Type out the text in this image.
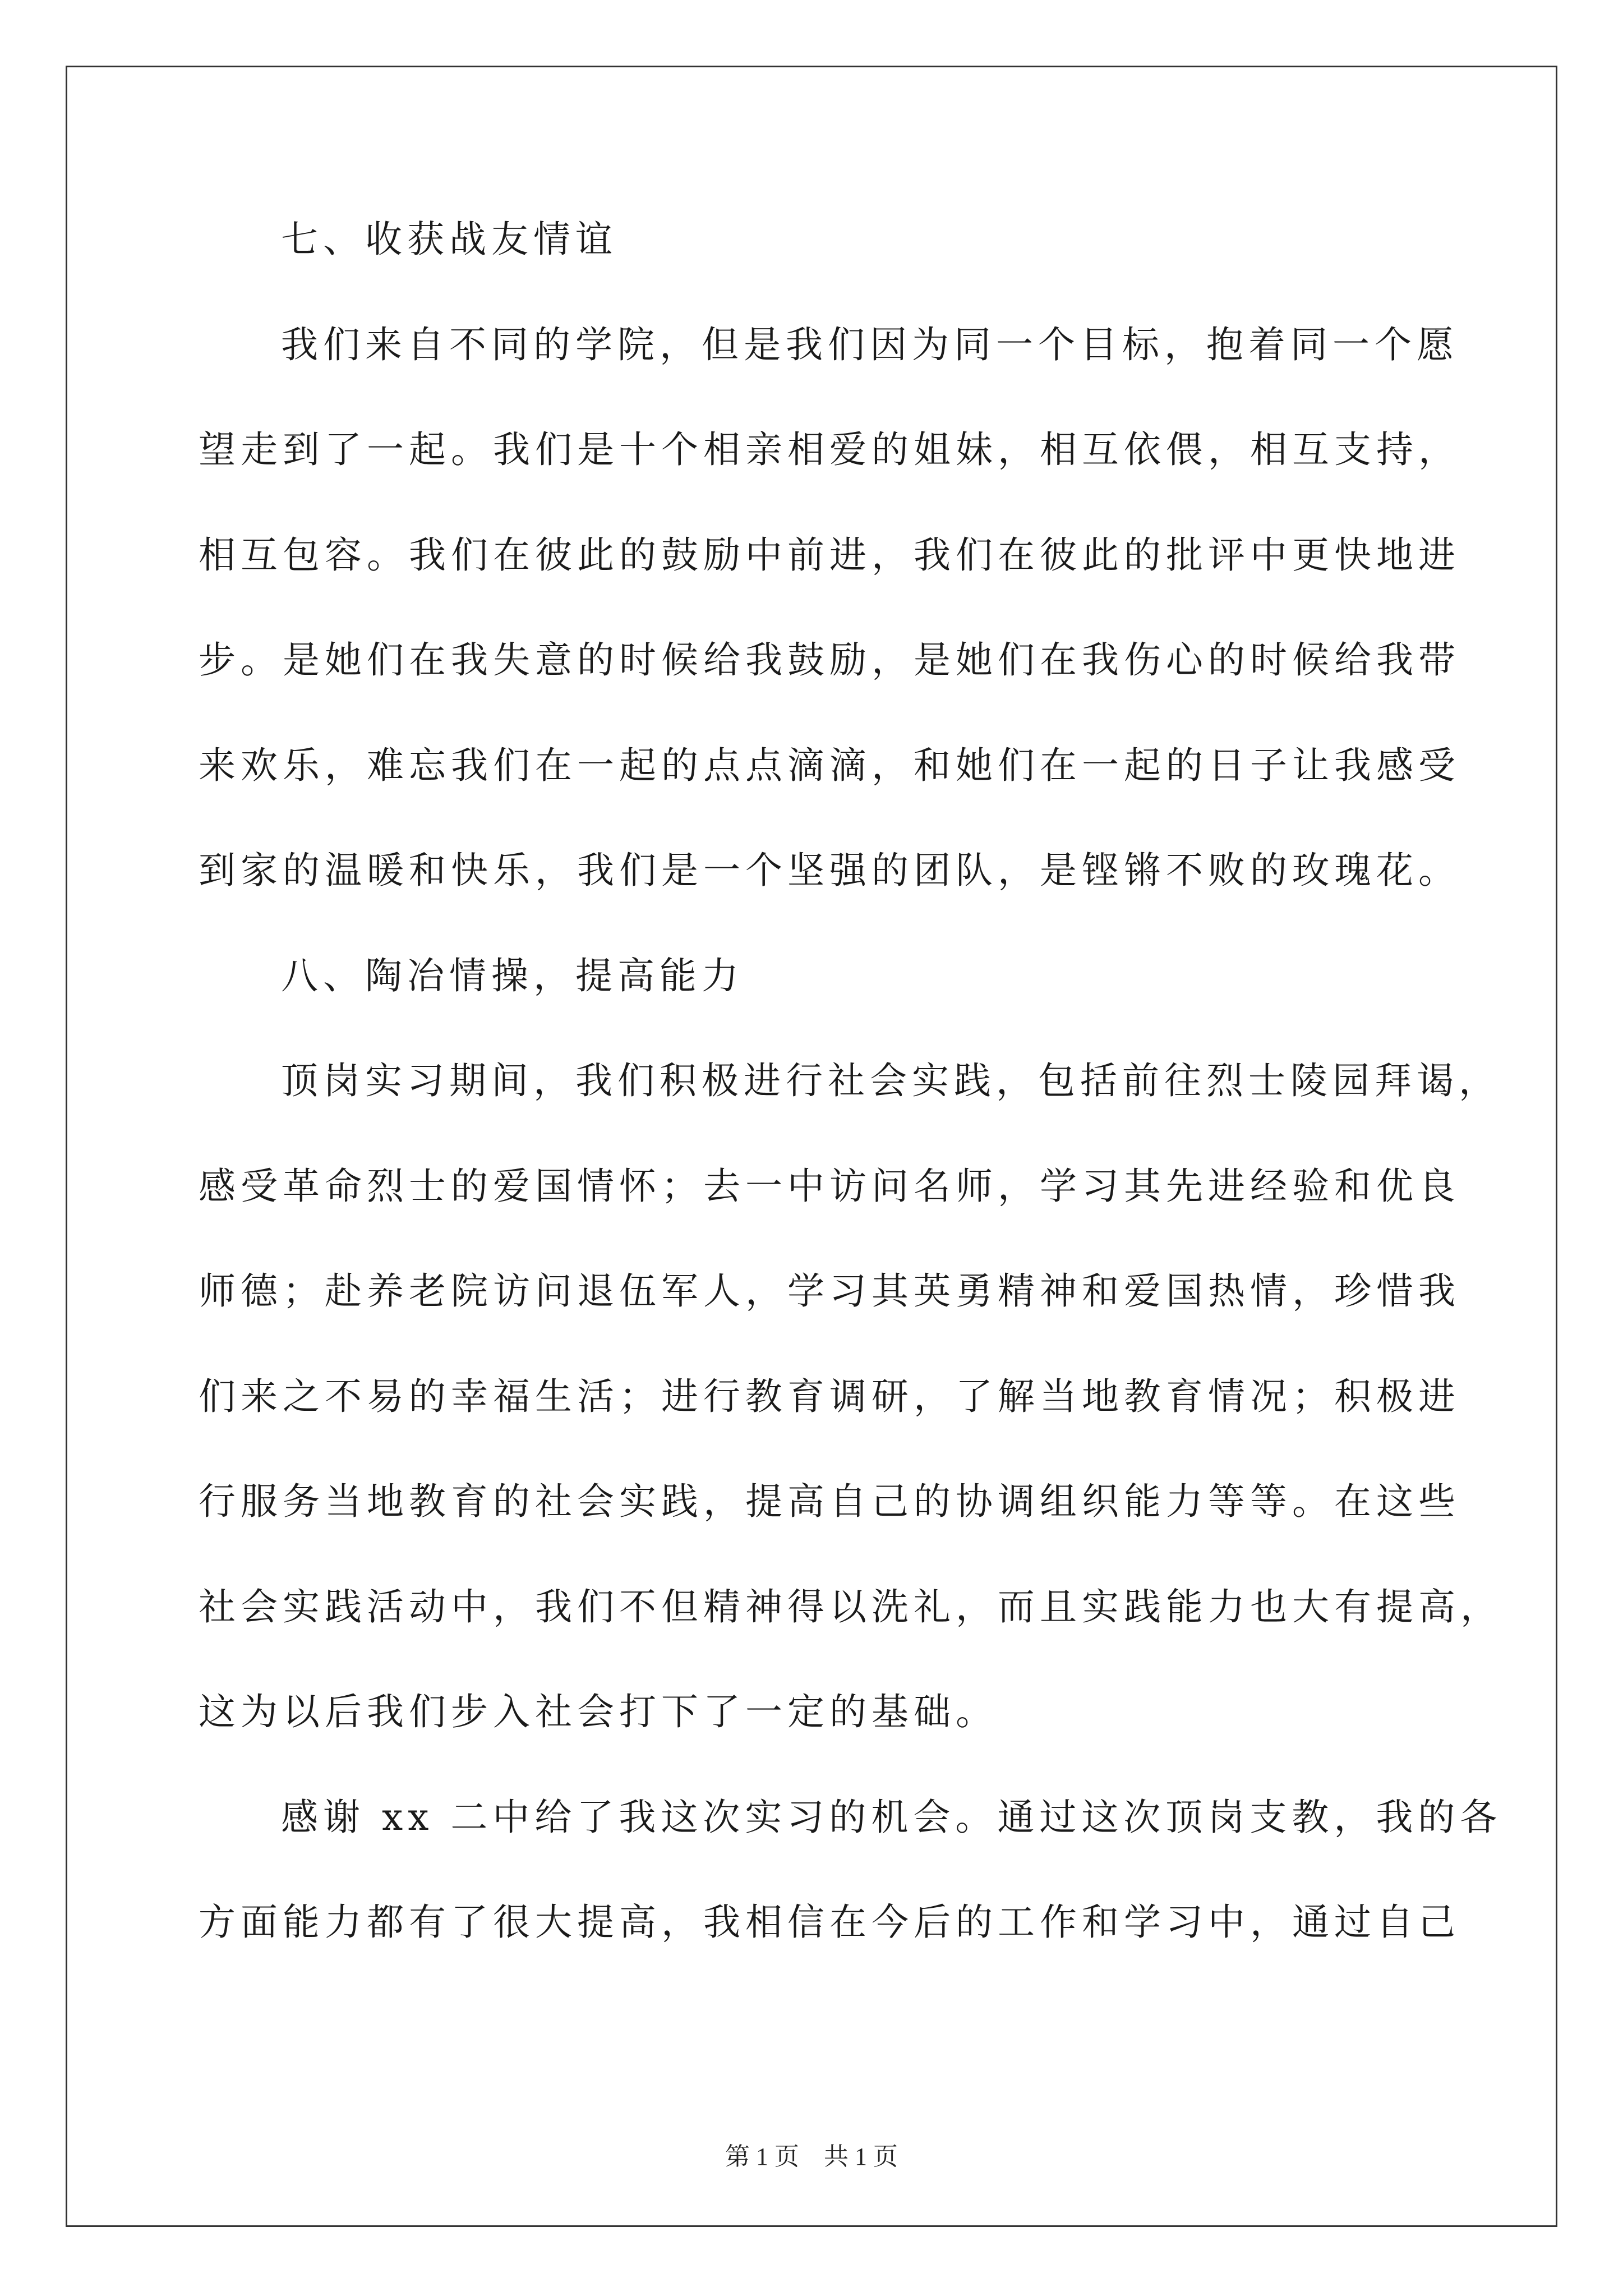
七、收获战友情谊
我们来自不同的学院，但是我们因为同一个目标，抱着同一个愿
望走到了一起。我们是十个相亲相爱的姐妹，相互依偎，相互支持，
相互包容。我们在彼此的鼓励中前进，我们在彼此的批评中更快地进
步。是她们在我失意的时候给我鼓励，是她们在我伤心的时候给我带
来欢乐，难忘我们在一起的点点滴滴，和她们在一起的日子让我感受
到家的温暖和快乐，我们是一个坚强的团队，是铿锵不败的玫瑰花。
八、陶冶情操，提高能力
顶岗实习期间，我们积极进行社会实践，包括前往烈士陵园拜谒，
感受革命烈士的爱国情怀；去一中访问名师，学习其先进经验和优良
师德；赴养老院访问退伍军人，学习其英勇精神和爱国热情，珍惜我
们来之不易的幸福生活；进行教育调研，了解当地教育情况；积极进
行服务当地教育的社会实践，提高自己的协调组织能力等等。在这些
社会实践活动中，我们不但精神得以洗礼，而且实践能力也大有提高，
这为以后我们步入社会打下了一定的基础。
感谢 xx 二中给了我这次实习的机会。通过这次顶岗支教，我的各
方面能力都有了很大提高，我相信在今后的工作和学习中，通过自己
第 1 页 共 1 页
